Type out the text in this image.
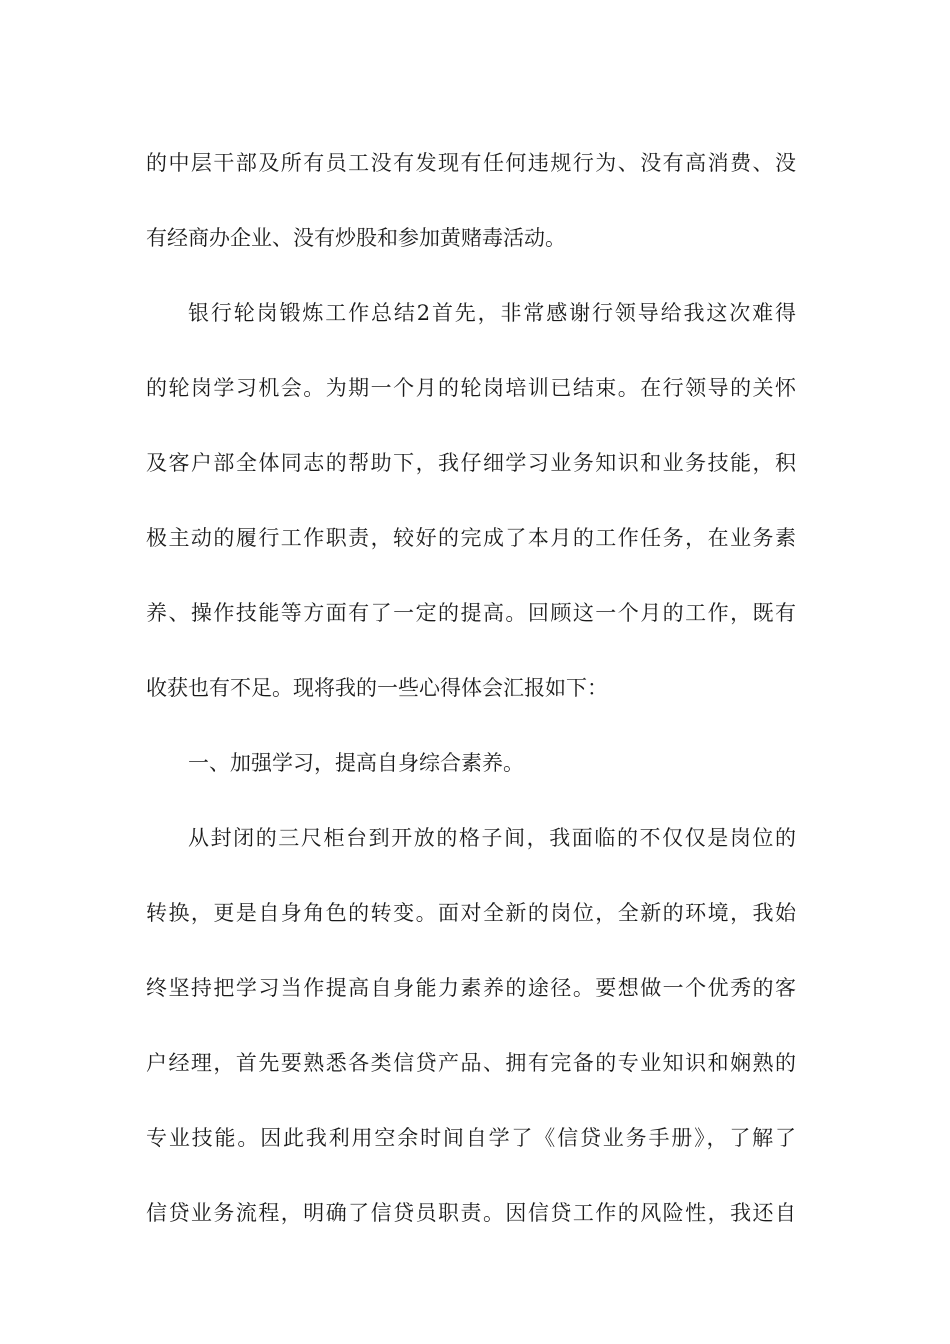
的中层干部及所有员工没有发现有任何违规行为、没有高消费、没
有经商办企业、没有炒股和参加黄赌毒活动。
银行轮岗锻炼工作总结2首先，非常感谢行领导给我这次难得
的轮岗学习机会。为期一个月的轮岗培训已结束。在行领导的关怀
及客户部全体同志的帮助下，我仔细学习业务知识和业务技能，积
极主动的履行工作职责，较好的完成了本月的工作任务，在业务素
养、操作技能等方面有了一定的提高。回顾这一个月的工作，既有
收获也有不足。现将我的一些心得体会汇报如下：
一、加强学习，提高自身综合素养。
从封闭的三尺柜台到开放的格子间，我面临的不仅仅是岗位的
转换，更是自身角色的转变。面对全新的岗位，全新的环境，我始
终坚持把学习当作提高自身能力素养的途径。要想做一个优秀的客
户经理，首先要熟悉各类信贷产品、拥有完备的专业知识和娴熟的
专业技能。因此我利用空余时间自学了《信贷业务手册》，了解了
信贷业务流程，明确了信贷员职责。因信贷工作的风险性，我还自
